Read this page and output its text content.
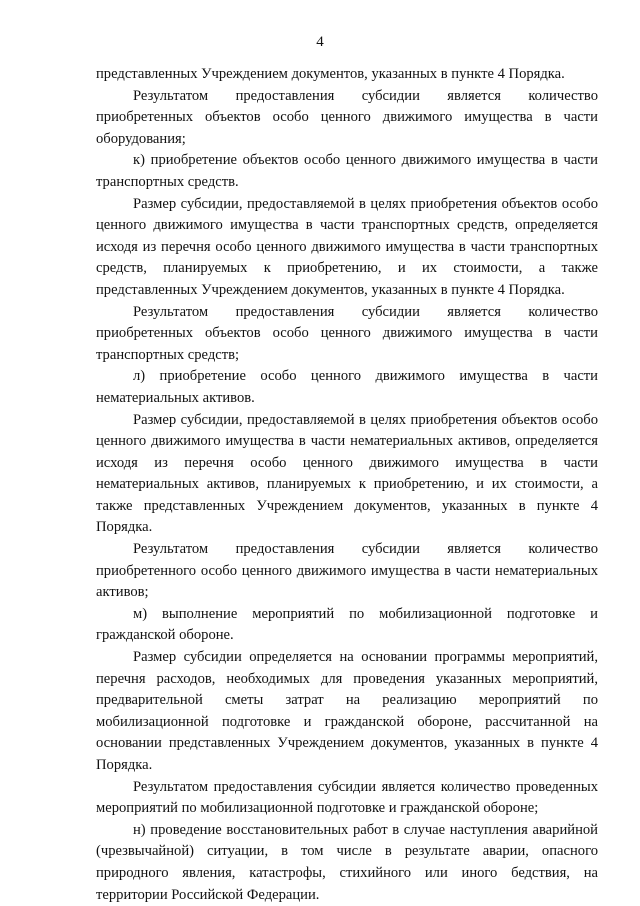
4

представленных Учреждением документов, указанных в пункте 4 Порядка.

Результатом предоставления субсидии является количество приобретенных объектов особо ценного движимого имущества в части оборудования;

к) приобретение объектов особо ценного движимого имущества в части транспортных средств.

Размер субсидии, предоставляемой в целях приобретения объектов особо ценного движимого имущества в части транспортных средств, определяется исходя из перечня особо ценного движимого имущества в части транспортных средств, планируемых к приобретению, и их стоимости, а также представленных Учреждением документов, указанных в пункте 4 Порядка.

Результатом предоставления субсидии является количество приобретенных объектов особо ценного движимого имущества в части транспортных средств;

л) приобретение особо ценного движимого имущества в части нематериальных активов.

Размер субсидии, предоставляемой в целях приобретения объектов особо ценного движимого имущества в части нематериальных активов, определяется исходя из перечня особо ценного движимого имущества в части нематериальных активов, планируемых к приобретению, и их стоимости, а также представленных Учреждением документов, указанных в пункте 4 Порядка.

Результатом предоставления субсидии является количество приобретенного особо ценного движимого имущества в части нематериальных активов;

м) выполнение мероприятий по мобилизационной подготовке и гражданской обороне.

Размер субсидии определяется на основании программы мероприятий, перечня расходов, необходимых для проведения указанных мероприятий, предварительной сметы затрат на реализацию мероприятий по мобилизационной подготовке и гражданской обороне, рассчитанной на основании представленных Учреждением документов, указанных в пункте 4 Порядка.

Результатом предоставления субсидии является количество проведенных мероприятий по мобилизационной подготовке и гражданской обороне;

н) проведение восстановительных работ в случае наступления аварийной (чрезвычайной) ситуации, в том числе в результате аварии, опасного природного явления, катастрофы, стихийного или иного бедствия, на территории Российской Федерации.
